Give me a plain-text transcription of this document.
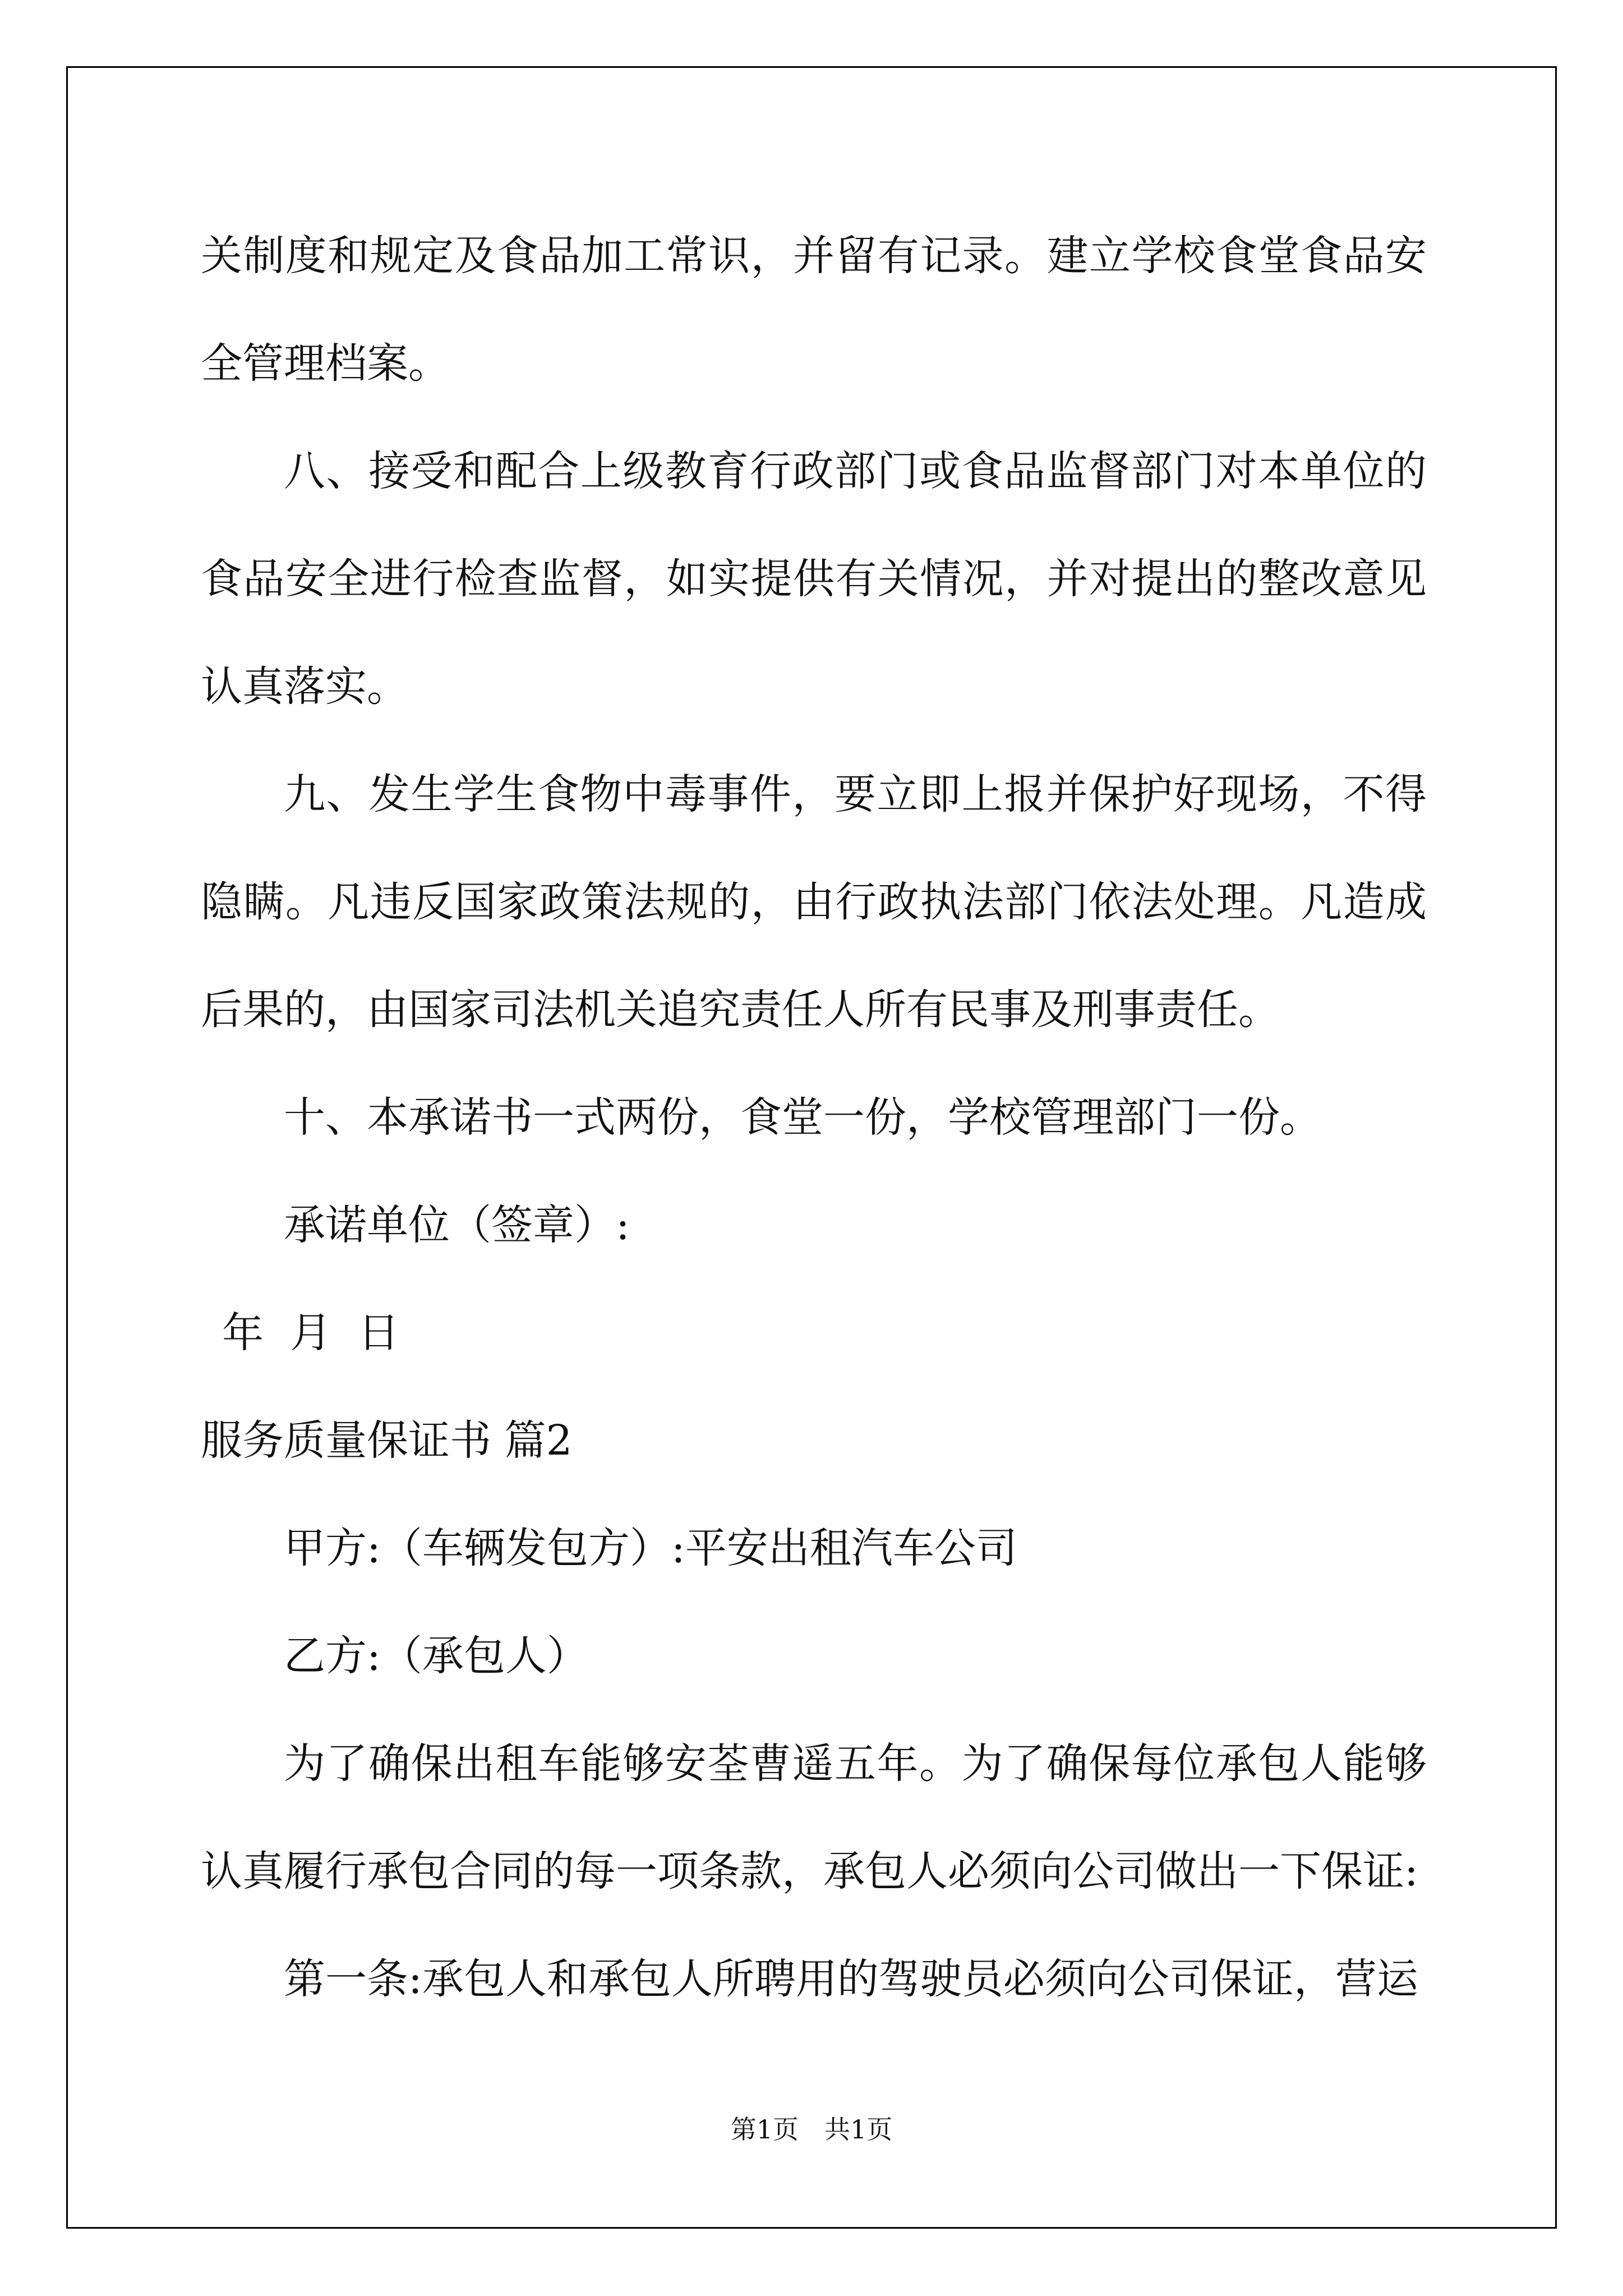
关制度和规定及食品加工常识，并留有记录。建立学校食堂食品安全管理档案。

八、接受和配合上级教育行政部门或食品监督部门对本单位的食品安全进行检查监督，如实提供有关情况，并对提出的整改意见认真落实。

九、发生学生食物中毒事件，要立即上报并保护好现场，不得隐瞒。凡违反国家政策法规的，由行政执法部门依法处理。凡造成后果的，由国家司法机关追究责任人所有民事及刑事责任。

十、本承诺书一式两份，食堂一份，学校管理部门一份。

承诺单位（签章）:

年  月  日

服务质量保证书 篇2

甲方:（车辆发包方）:平安出租汽车公司

乙方:（承包人）

为了确保出租车能够安荃曹遥五年。为了确保每位承包人能够认真履行承包合同的每一项条款，承包人必须向公司做出一下保证:

第一条:承包人和承包人所聘用的驾驶员必须向公司保证，营运

第1页　共1页
